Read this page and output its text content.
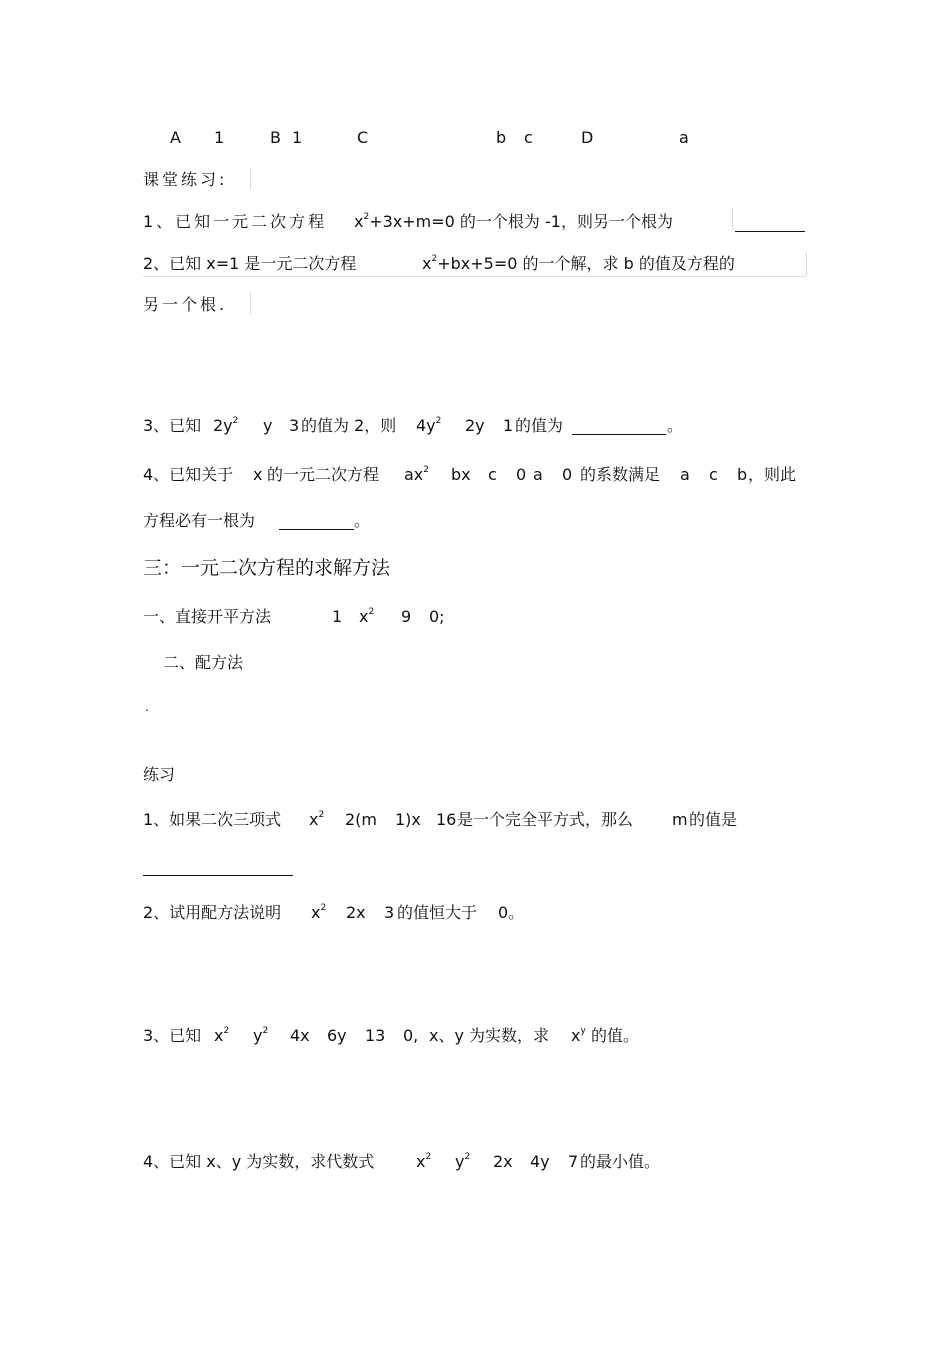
A 1	B 1	C	b c	D	a
课堂练习:
1、已知一元二次方程 $x^2+3x+m=0$ 的一个根为 -1，则另一个根为
2、已知 x=1 是一元二次方程	$x^2+bx+5=0$ 的一个解，求 b 的值及方程的
另一个根.
3、已知 $2y^2$ y 3 的值为 2，则 $4y^2$ 2y 1 的值为	。
4、已知关于 x 的一元二次方程 $ax^2$ bx c 0 a 0 的系数满足 a c b ，则此
方程必有一根为	。
三：一元二次方程的求解方法
一、直接开平方法	1 $x^2$ 9 0;
二、配方法
.
练习
1、如果二次三项式 $x^2$ 2(m 1)x 16 是一个完全平方式，那么 m 的值是
2、试用配方法说明 $x^2$ 2x 3 的值恒大于 0。
3、已知 $x^2$ $y^2$ 4x 6y 13 0, x、y 为实数，求 $x^y$ 的值。
4、已知 x、y 为实数，求代数式	$x^2$ $y^2$ 2x 4y 7 的最小值。
